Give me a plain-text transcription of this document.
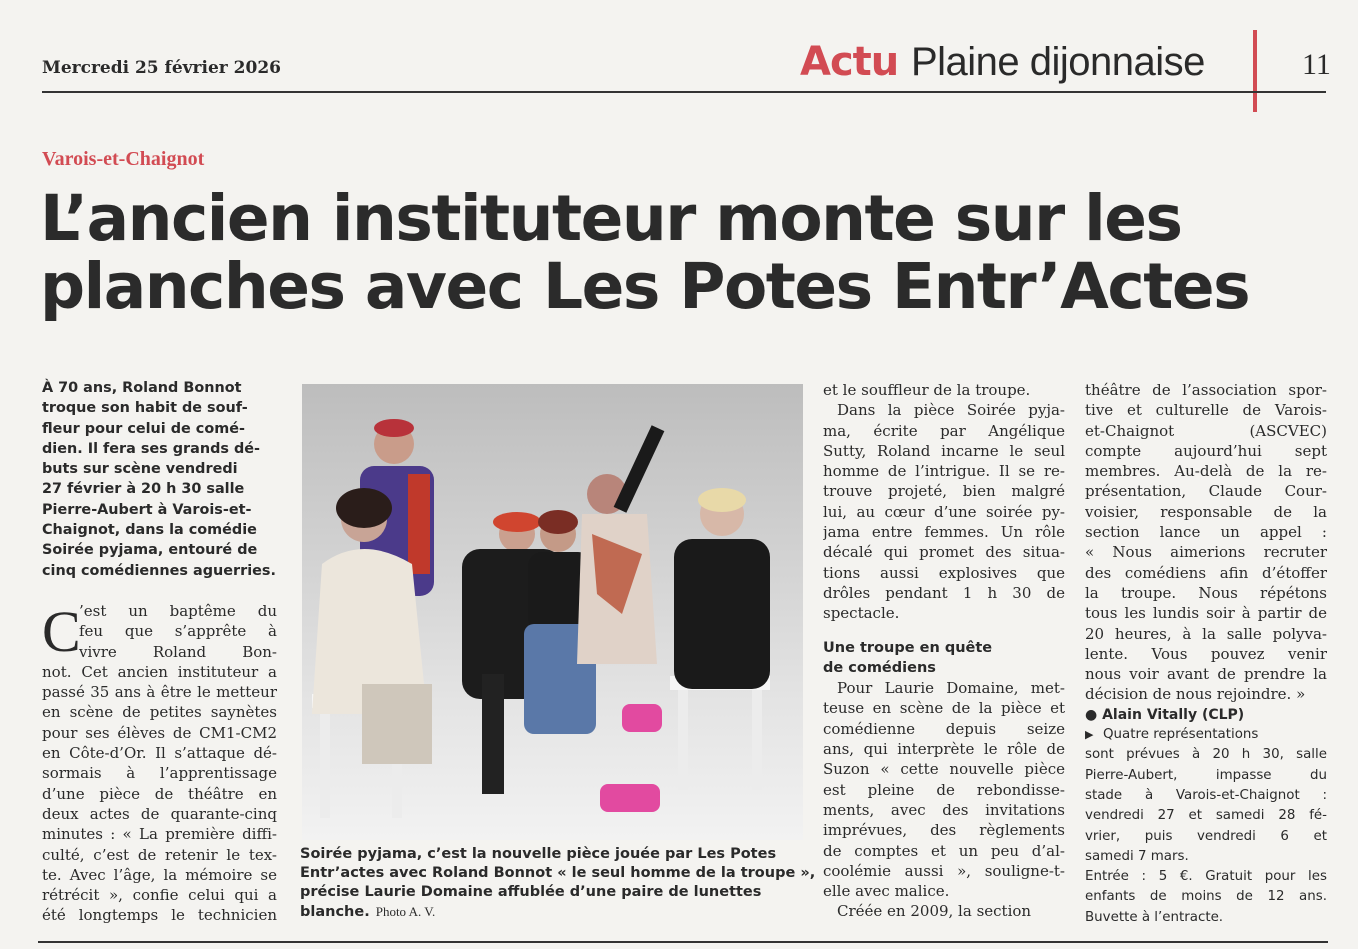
Mercredi 25 février 2026	Actu Plaine dijonnaise	11
Varois-et-Chaignot
L’ancien instituteur monte sur les
planches avec Les Potes Entr’Actes
À 70 ans, Roland Bonnot
troque son habit de souf-
fleur pour celui de comé-
dien. Il fera ses grands dé-
buts sur scène vendredi
27 février à 20 h 30 salle
Pierre-Aubert à Varois-et-
Chaignot, dans la comédie
Soirée pyjama, entouré de
cinq comédiennes aguerries.
C
’est un baptême du
feu que s’apprête à
vivre Roland Bon-
not. Cet ancien instituteur a
passé 35 ans à être le metteur
en scène de petites saynètes
pour ses élèves de CM1-CM2
en Côte-d’Or. Il s’attaque dé-
sormais à l’apprentissage
d’une pièce de théâtre en
deux actes de quarante-cinq
minutes : « La première diffi-
culté, c’est de retenir le tex-
te. Avec l’âge, la mémoire se
rétrécit », confie celui qui a
été longtemps le technicien
Soirée pyjama, c’est la nouvelle pièce jouée par Les Potes
Entr’actes avec Roland Bonnot « le seul homme de la troupe »,
précise Laurie Domaine affublée d’une paire de lunettes
blanche. Photo A. V.
et le souffleur de la troupe.
Dans la pièce Soirée pyja-
ma, écrite par Angélique
Sutty, Roland incarne le seul
homme de l’intrigue. Il se re-
trouve projeté, bien malgré
lui, au cœur d’une soirée py-
jama entre femmes. Un rôle
décalé qui promet des situa-
tions aussi explosives que
drôles pendant 1 h 30 de
spectacle.
Une troupe en quête
de comédiens
Pour Laurie Domaine, met-
teuse en scène de la pièce et
comédienne depuis seize
ans, qui interprète le rôle de
Suzon « cette nouvelle pièce
est pleine de rebondisse-
ments, avec des invitations
imprévues, des règlements
de comptes et un peu d’al-
coolémie aussi », souligne-t-
elle avec malice.
Créée en 2009, la section
théâtre de l’association spor-
tive et culturelle de Varois-
et-Chaignot (ASCVEC)
compte aujourd’hui sept
membres. Au-delà de la re-
présentation, Claude Cour-
voisier, responsable de la
section lance un appel :
« Nous aimerions recruter
des comédiens afin d’étoffer
la troupe. Nous répétons
tous les lundis soir à partir de
20 heures, à la salle polyva-
lente. Vous pouvez venir
nous voir avant de prendre la
décision de nous rejoindre. »
● Alain Vitally (CLP)
▶ Quatre représentations
sont prévues à 20 h 30, salle
Pierre-Aubert, impasse du
stade à Varois-et-Chaignot :
vendredi 27 et samedi 28 fé-
vrier, puis vendredi 6 et
samedi 7 mars.
Entrée : 5 €. Gratuit pour les
enfants de moins de 12 ans.
Buvette à l’entracte.
